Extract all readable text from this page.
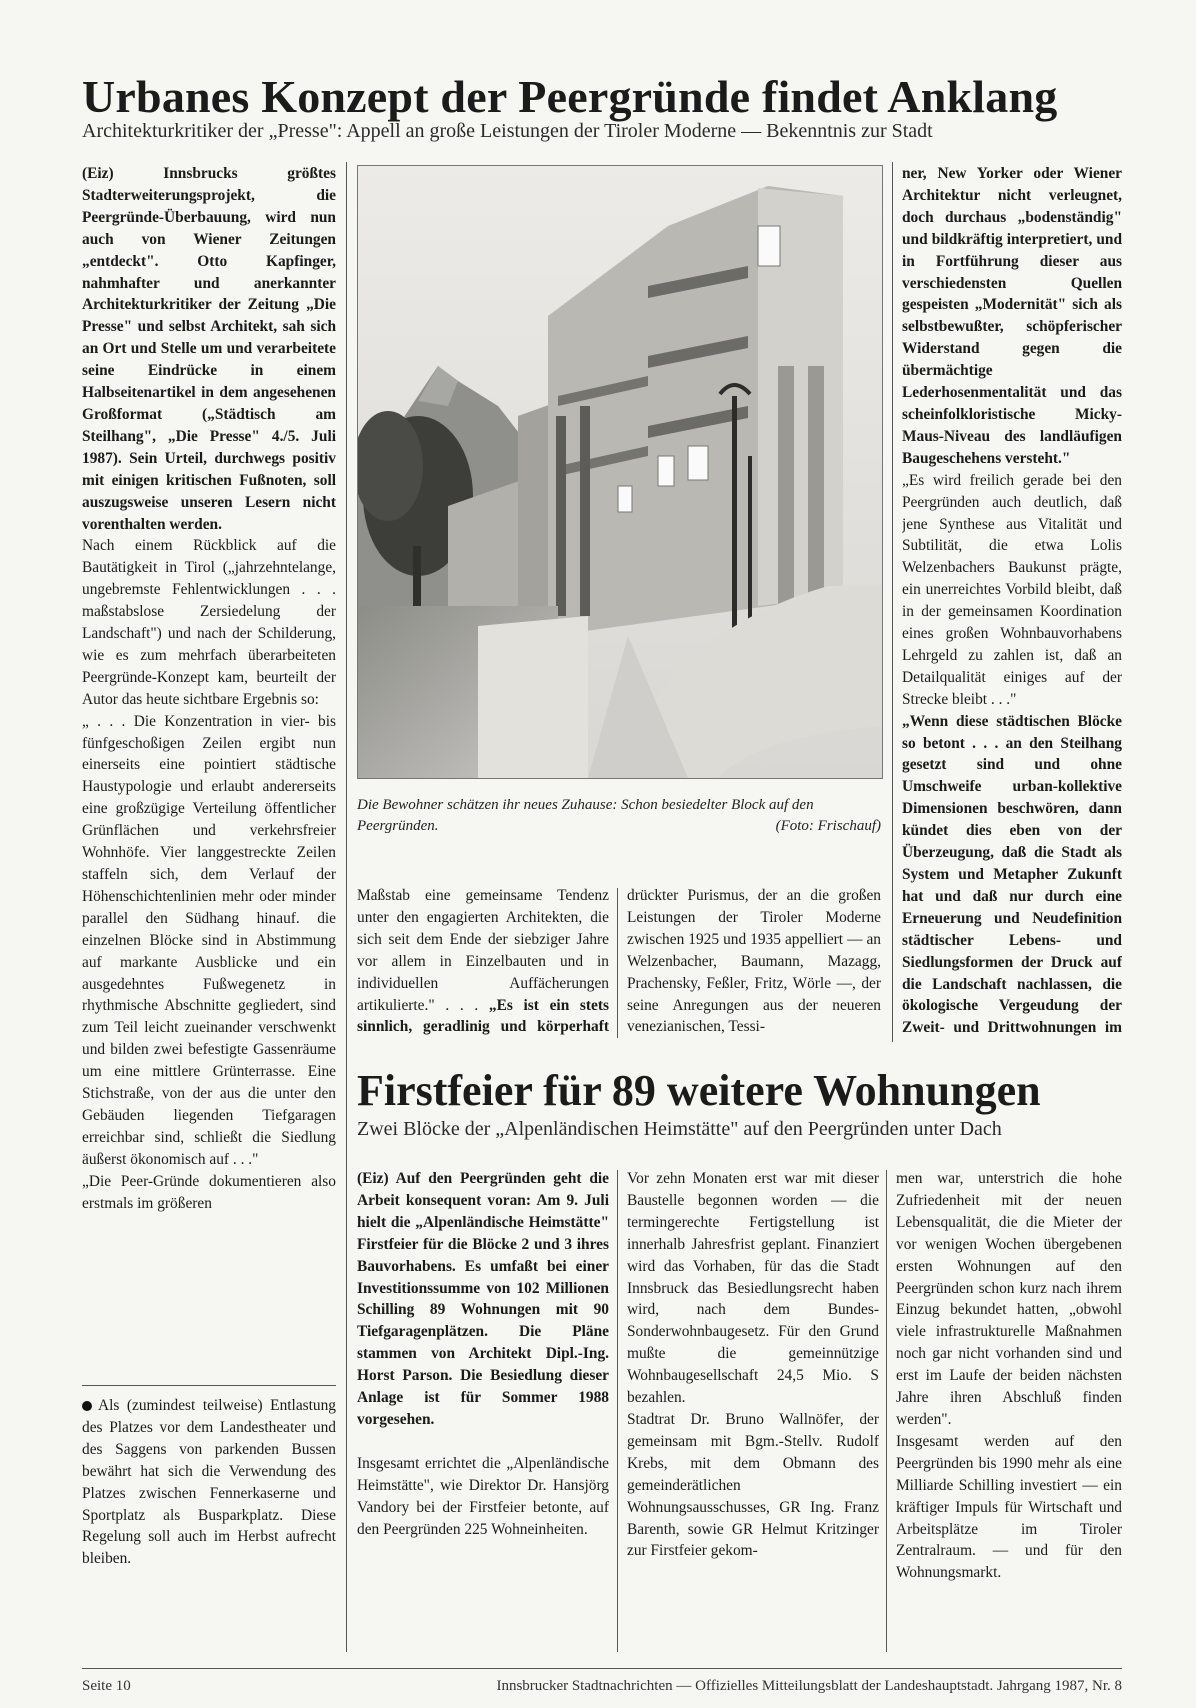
Urbanes Konzept der Peergründe findet Anklang
Architekturkritiker der „Presse": Appell an große Leistungen der Tiroler Moderne — Bekenntnis zur Stadt

(Eiz) Innsbrucks größtes Stadterweiterungsprojekt, die Peergründe-Überbauung, wird nun auch von Wiener Zeitungen „entdeckt". Otto Kapfinger, nahmhafter und anerkannter Architekturkritiker der Zeitung „Die Presse" und selbst Architekt, sah sich an Ort und Stelle um und verarbeitete seine Eindrücke in einem Halbseitenartikel in dem angesehenen Großformat („Städtisch am Steilhang", „Die Presse" 4./5. Juli 1987). Sein Urteil, durchwegs positiv mit einigen kritischen Fußnoten, soll auszugsweise unseren Lesern nicht vorenthalten werden.

Nach einem Rückblick auf die Bautätigkeit in Tirol („jahrzehntelange, ungebremste Fehlentwicklungen . . . maßstabslose Zersiedelung der Landschaft") und nach der Schilderung, wie es zum mehrfach überarbeiteten Peergründe-Konzept kam, beurteilt der Autor das heute sichtbare Ergebnis so:

„ . . . Die Konzentration in vier- bis fünfgeschoßigen Zeilen ergibt nun einerseits eine pointiert städtische Haustypologie und erlaubt andererseits eine großzügige Verteilung öffentlicher Grünflächen und verkehrsfreier Wohnhöfe. Vier langgestreckte Zeilen staffeln sich, dem Verlauf der Höhenschichtenlinien mehr oder minder parallel den Südhang hinauf. die einzelnen Blöcke sind in Abstimmung auf markante Ausblicke und ein ausgedehntes Fußwegenetz in rhythmische Abschnitte gegliedert, sind zum Teil leicht zueinander verschwenkt und bilden zwei befestigte Gassenräume um eine mittlere Grünterrasse. Eine Stichstraße, von der aus die unter den Gebäuden liegenden Tiefgaragen erreichbar sind, schließt die Siedlung äußerst ökonomisch auf . . ."

„Die Peer-Gründe dokumentieren also erstmals im größeren

Als (zumindest teilweise) Entlastung des Platzes vor dem Landestheater und des Saggens von parkenden Bussen bewährt hat sich die Verwendung des Platzes zwischen Fennerkaserne und Sportplatz als Busparkplatz. Diese Regelung soll auch im Herbst aufrecht bleiben.

Die Bewohner schätzen ihr neues Zuhause: Schon besiedelter Block auf den Peergründen.	(Foto: Frischauf)

Maßstab eine gemeinsame Tendenz unter den engagierten Architekten, die sich seit dem Ende der siebziger Jahre vor allem in Einzelbauten und in individuellen Auffächerungen artikulierte." . . . „Es ist ein stets sinnlich, geradlinig und körperhaft

drückter Purismus, der an die großen Leistungen der Tiroler Moderne zwischen 1925 und 1935 appelliert — an Welzenbacher, Baumann, Mazagg, Prachensky, Feßler, Fritz, Wörle —, der seine Anregungen aus der neueren venezianischen, Tessi-

ner, New Yorker oder Wiener Architektur nicht verleugnet, doch durchaus „bodenständig" und bildkräftig interpretiert, und in Fortführung dieser aus verschiedensten Quellen gespeisten „Modernität" sich als selbstbewußter, schöpferischer Widerstand gegen die übermächtige Lederhosenmentalität und das scheinfolkloristische Micky-Maus-Niveau des landläufigen Baugeschehens versteht."

„Es wird freilich gerade bei den Peergründen auch deutlich, daß jene Synthese aus Vitalität und Subtilität, die etwa Lolis Welzenbachers Baukunst prägte, ein unerreichtes Vorbild bleibt, daß in der gemeinsamen Koordination eines großen Wohnbauvorhabens Lehrgeld zu zahlen ist, daß an Detailqualität einiges auf der Strecke bleibt . . ."

„Wenn diese städtischen Blöcke so betont . . . an den Steilhang gesetzt sind und ohne Umschweife urban-kollektive Dimensionen beschwören, dann kündet dies eben von der Überzeugung, daß die Stadt als System und Metapher Zukunft hat und daß nur durch eine Erneuerung und Neudefinition städtischer Lebens- und Siedlungsformen der Druck auf die Landschaft nachlassen, die ökologische Vergeudung der Zweit- und Drittwohnungen im

Firstfeier für 89 weitere Wohnungen
Zwei Blöcke der „Alpenländischen Heimstätte" auf den Peergründen unter Dach

(Eiz) Auf den Peergründen geht die Arbeit konsequent voran: Am 9. Juli hielt die „Alpenländische Heimstätte" Firstfeier für die Blöcke 2 und 3 ihres Bauvorhabens. Es umfaßt bei einer Investitionssumme von 102 Millionen Schilling 89 Wohnungen mit 90 Tiefgaragenplätzen. Die Pläne stammen von Architekt Dipl.-Ing. Horst Parson. Die Besiedlung dieser Anlage ist für Sommer 1988 vorgesehen.

Insgesamt errichtet die „Alpenländische Heimstätte", wie Direktor Dr. Hansjörg Vandory bei der Firstfeier betonte, auf den Peergründen 225 Wohneinheiten.

Vor zehn Monaten erst war mit dieser Baustelle begonnen worden — die termingerechte Fertigstellung ist innerhalb Jahresfrist geplant. Finanziert wird das Vorhaben, für das die Stadt Innsbruck das Besiedlungsrecht haben wird, nach dem Bundes-Sonderwohnbaugesetz. Für den Grund mußte die gemeinnützige Wohnbaugesellschaft 24,5 Mio. S bezahlen.

Stadtrat Dr. Bruno Wallnöfer, der gemeinsam mit Bgm.-Stellv. Rudolf Krebs, mit dem Obmann des gemeinderätlichen Wohnungsausschusses, GR Ing. Franz Barenth, sowie GR Helmut Kritzinger zur Firstfeier gekom-

men war, unterstrich die hohe Zufriedenheit mit der neuen Lebensqualität, die die Mieter der vor wenigen Wochen übergebenen ersten Wohnungen auf den Peergründen schon kurz nach ihrem Einzug bekundet hatten, „obwohl viele infrastrukturelle Maßnahmen noch gar nicht vorhanden sind und erst im Laufe der beiden nächsten Jahre ihren Abschluß finden werden".

Insgesamt werden auf den Peergründen bis 1990 mehr als eine Milliarde Schilling investiert — ein kräftiger Impuls für Wirtschaft und Arbeitsplätze im Tiroler Zentralraum. — und für den Wohnungsmarkt.

Seite 10	Innsbrucker Stadtnachrichten — Offizielles Mitteilungsblatt der Landeshauptstadt. Jahrgang 1987, Nr. 8
